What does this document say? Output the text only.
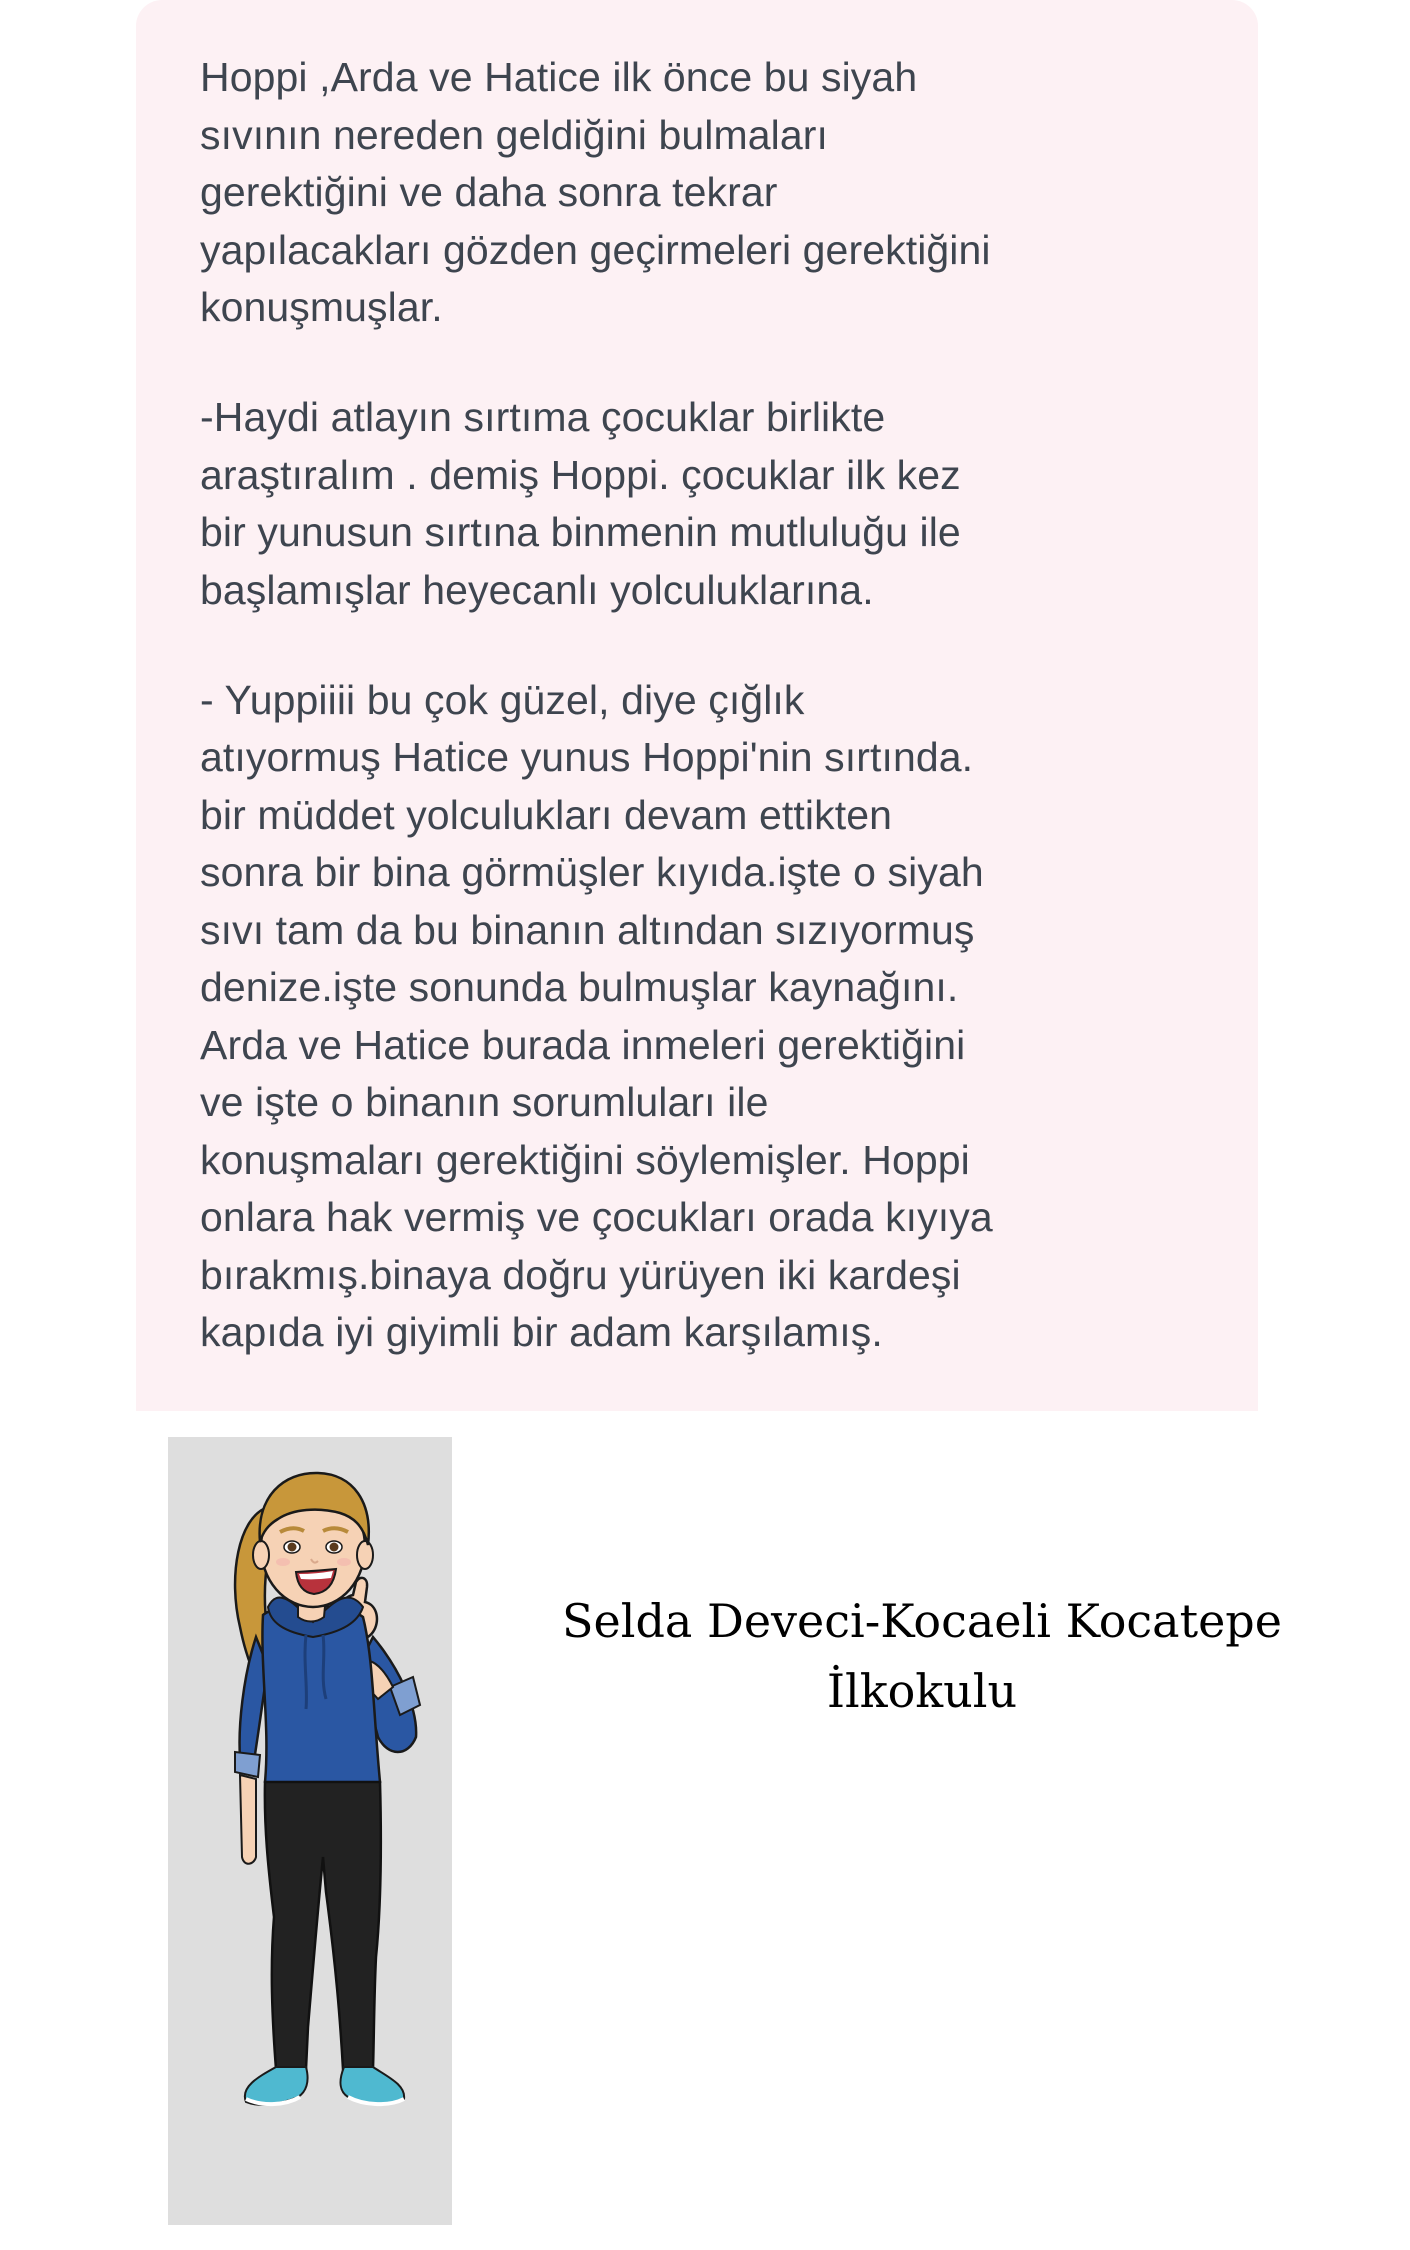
Hoppi ,Arda ve Hatice ilk önce bu siyah
sıvının nereden geldiğini bulmaları
gerektiğini ve daha sonra tekrar
yapılacakları gözden geçirmeleri gerektiğini
konuşmuşlar.

-Haydi atlayın sırtıma çocuklar birlikte
araştıralım . demiş Hoppi. çocuklar ilk kez
bir yunusun sırtına binmenin mutluluğu ile
başlamışlar heyecanlı yolculuklarına.

- Yuppiiii bu çok güzel, diye çığlık
atıyormuş Hatice yunus Hoppi'nin sırtında.
bir müddet yolculukları devam ettikten
sonra bir bina görmüşler kıyıda.işte o siyah
sıvı tam da bu binanın altından sızıyormuş
denize.işte sonunda bulmuşlar kaynağını.
Arda ve Hatice burada inmeleri gerektiğini
ve işte o binanın sorumluları ile
konuşmaları gerektiğini söylemişler. Hoppi
onlara hak vermiş ve çocukları orada kıyıya
bırakmış.binaya doğru yürüyen iki kardeşi
kapıda iyi giyimli bir adam karşılamış.

Selda Deveci-Kocaeli Kocatepe
İlkokulu
